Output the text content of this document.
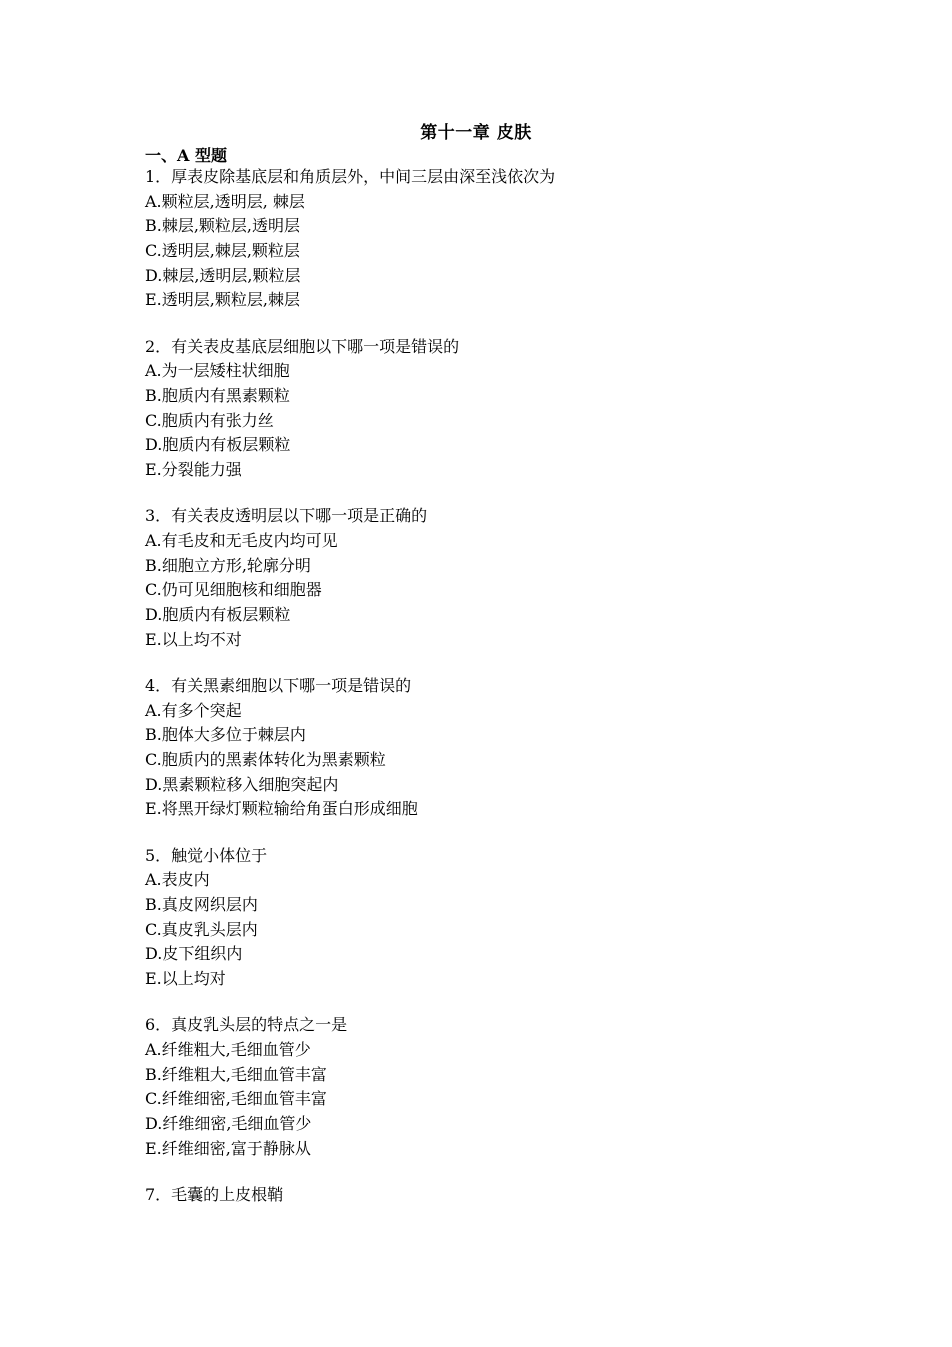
第十一章 皮肤
一、A 型题
1．厚表皮除基底层和角质层外，中间三层由深至浅依次为
A.颗粒层,透明层, 棘层
B.棘层,颗粒层,透明层
C.透明层,棘层,颗粒层
D.棘层,透明层,颗粒层
E.透明层,颗粒层,棘层
2．有关表皮基底层细胞以下哪一项是错误的
A.为一层矮柱状细胞
B.胞质内有黑素颗粒
C.胞质内有张力丝
D.胞质内有板层颗粒
E.分裂能力强
3．有关表皮透明层以下哪一项是正确的
A.有毛皮和无毛皮内均可见
B.细胞立方形,轮廓分明
C.仍可见细胞核和细胞器
D.胞质内有板层颗粒
E.以上均不对
4．有关黑素细胞以下哪一项是错误的
A.有多个突起
B.胞体大多位于棘层内
C.胞质内的黑素体转化为黑素颗粒
D.黑素颗粒移入细胞突起内
E.将黑开绿灯颗粒输给角蛋白形成细胞
5．触觉小体位于
A.表皮内
B.真皮网织层内
C.真皮乳头层内
D.皮下组织内
E.以上均对
6．真皮乳头层的特点之一是
A.纤维粗大,毛细血管少
B.纤维粗大,毛细血管丰富
C.纤维细密,毛细血管丰富
D.纤维细密,毛细血管少
E.纤维细密,富于静脉从
7．毛囊的上皮根鞘
